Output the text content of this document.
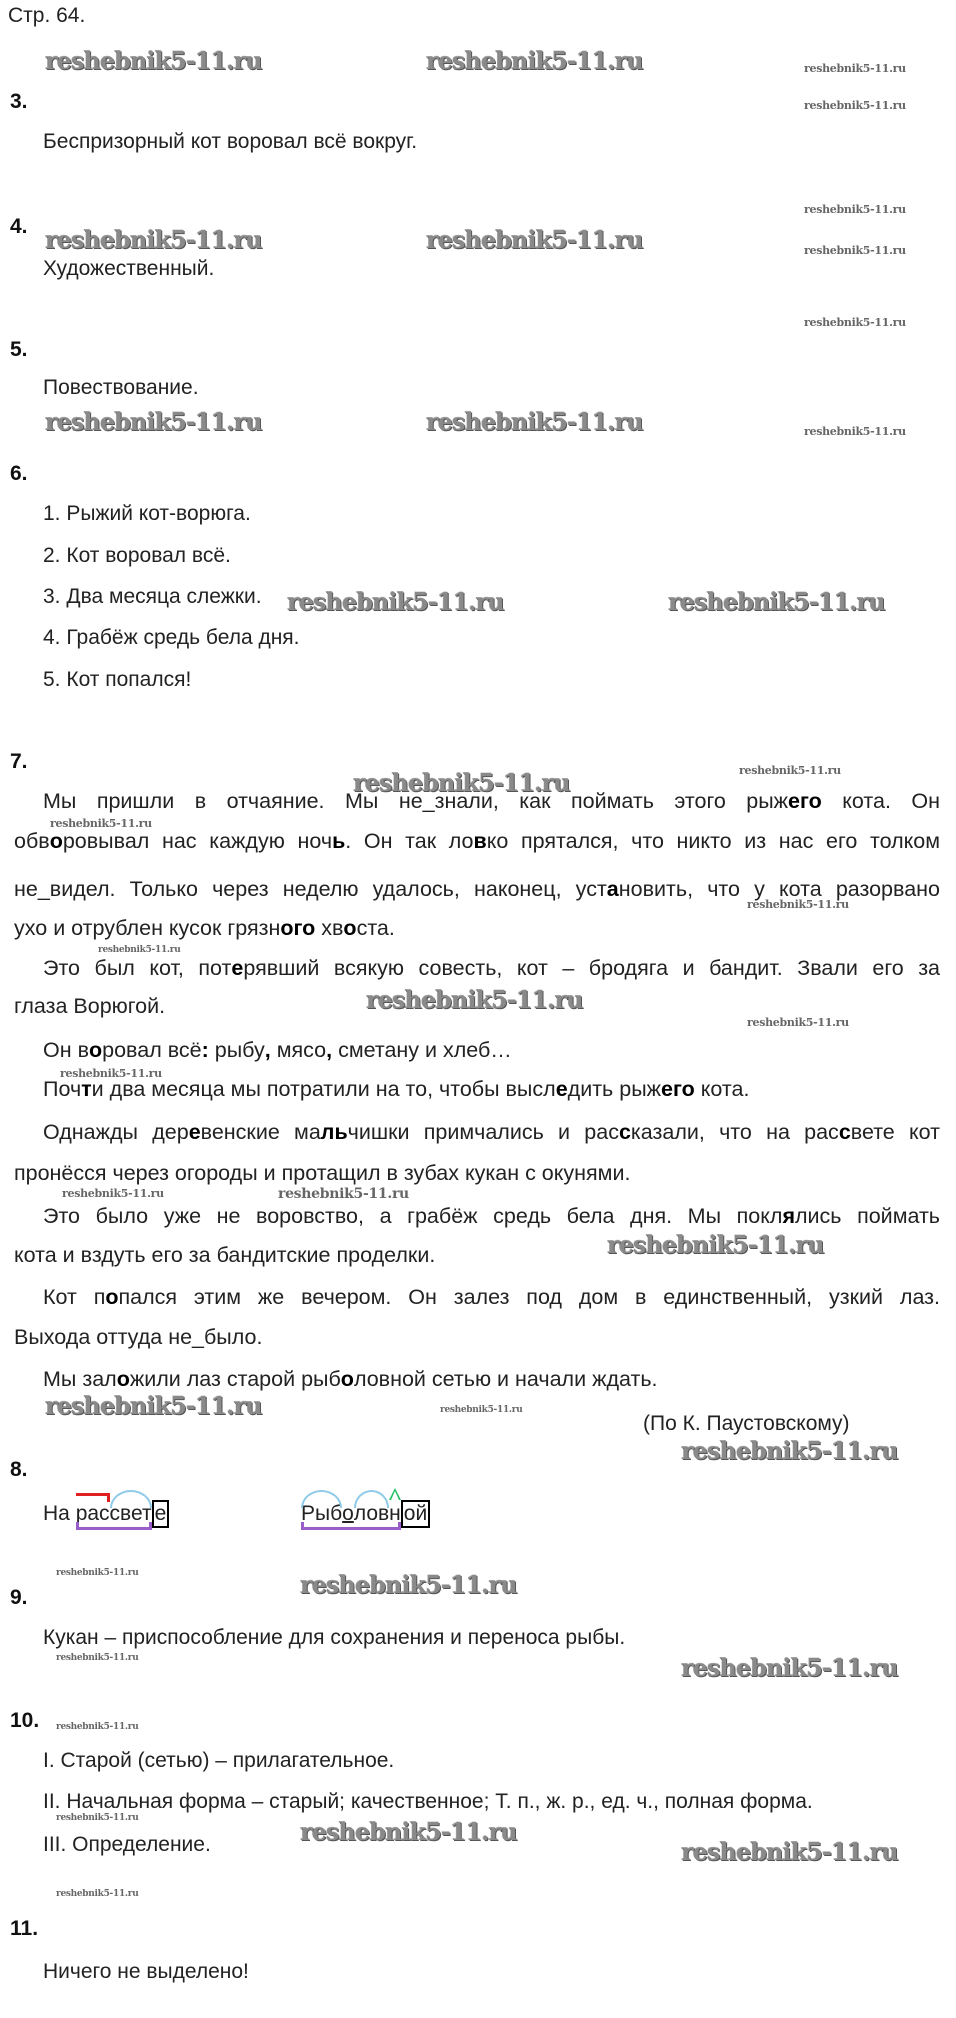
Стр. 64.
3.
Беспризорный кот воровал всё вокруг.
4.
Художественный.
5.
Повествование.
6.
1. Рыжий кот-ворюга.
2. Кот воровал всё.
3. Два месяца слежки.
4. Грабёж средь бела дня.
5. Кот попался!
7.
Мы пришли в отчаяние. Мы не_знали, как поймать этого рыжего кота. Он
обворовывал нас каждую ночь. Он так ловко прятался, что никто из нас его толком
не_видел. Только через неделю удалось, наконец, установить, что у кота разорвано
ухо и отрублен кусок грязного хвоста.
Это был кот, потерявший всякую совесть, кот – бродяга и бандит. Звали его за
глаза Ворюгой.
Он воровал всё: рыбу, мясо, сметану и хлеб…
Почти два месяца мы потратили на то, чтобы выследить рыжего кота.
Однажды деревенские мальчишки примчались и рассказали, что на рассвете кот
пронёсся через огороды и протащил в зубах кукан с окунями.
Это было уже не воровство, а грабёж средь бела дня. Мы поклялись поймать
кота и вздуть его за бандитские проделки.
Кот попался этим же вечером. Он залез под дом в единственный, узкий лаз.
Выхода оттуда не_было.
Мы заложили лаз старой рыболовной сетью и начали ждать.
(По К. Паустовскому)
8.
На
рас
свет е	Рыбо
лов
н ой
9.
Кукан – приспособление для сохранения и переноса рыбы.
10.
I. Старой (сетью) – прилагательное.
II. Начальная форма – старый; качественное; Т. п., ж. р., ед. ч., полная форма.
III. Определение.
11.
Ничего не выделено!
reshebnik5-11.ru	reshebnik5-11.ru	reshebnik5-11.ru
reshebnik5-11.ru
reshebnik5-11.ru
reshebnik5-11.ru	reshebnik5-11.ru	reshebnik5-11.ru
reshebnik5-11.ru
reshebnik5-11.ru	reshebnik5-11.ru	reshebnik5-11.ru
reshebnik5-11.ru	reshebnik5-11.ru
reshebnik5-11.ru	reshebnik5-11.ru
reshebnik5-11.ru
reshebnik5-11.ru
reshebnik5-11.ru
reshebnik5-11.ru
reshebnik5-11.ru
reshebnik5-11.ru
reshebnik5-11.ru	reshebnik5-11.ru
reshebnik5-11.ru
reshebnik5-11.ru	reshebnik5-11.ru
reshebnik5-11.ru
reshebnik5-11.ru	reshebnik5-11.ru
reshebnik5-11.ru	reshebnik5-11.ru
reshebnik5-11.ru
reshebnik5-11.ru	reshebnik5-11.ru
reshebnik5-11.ru
reshebnik5-11.ru
